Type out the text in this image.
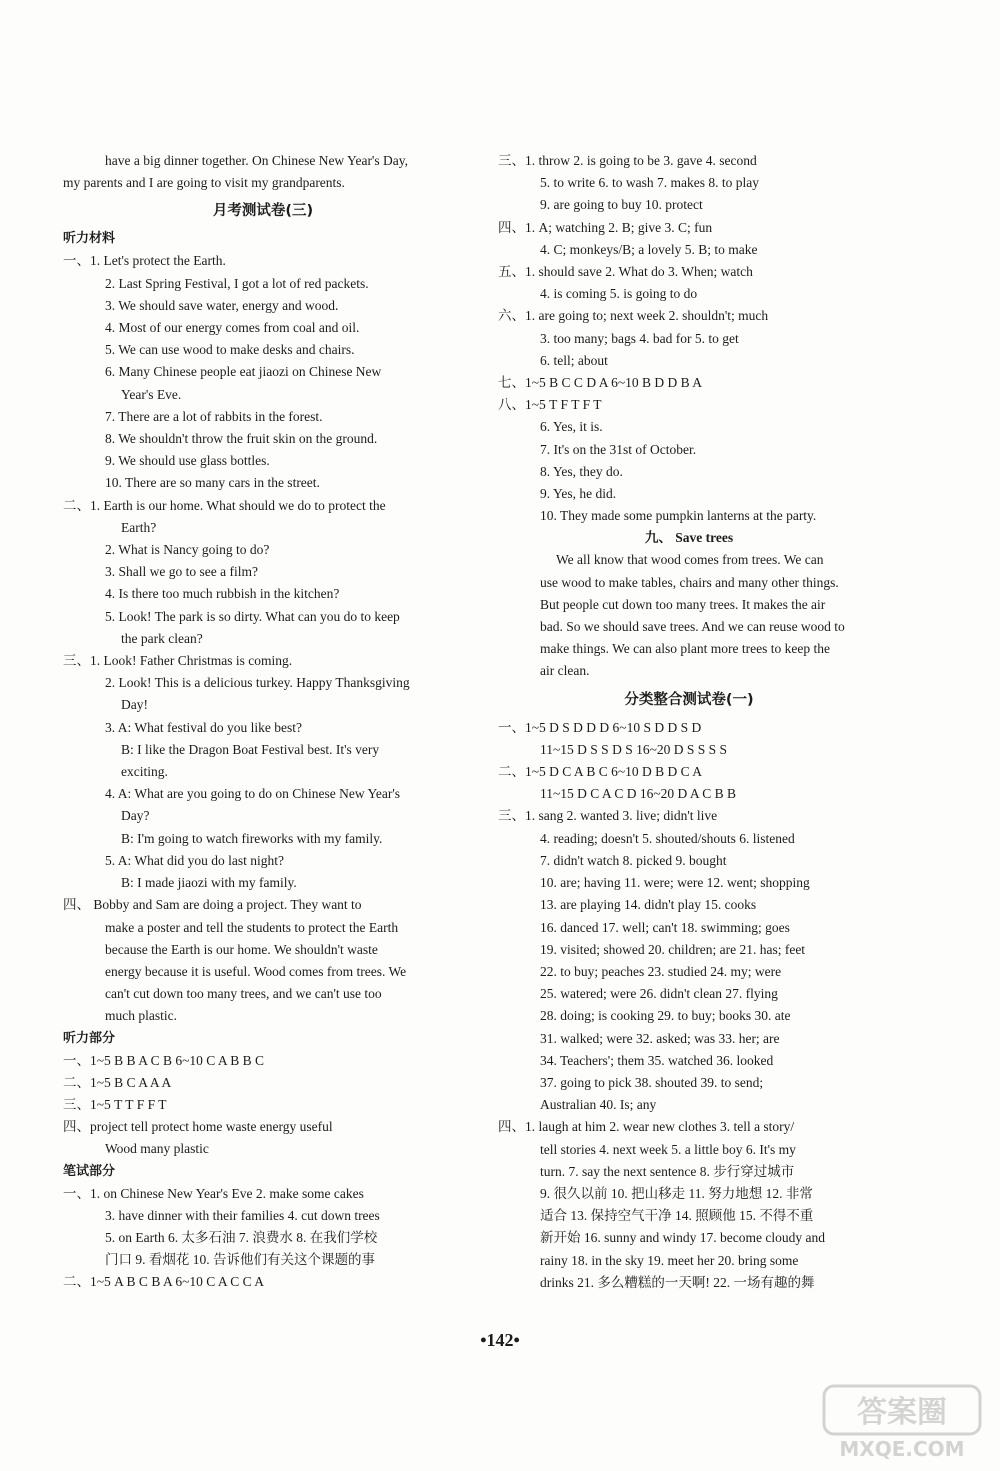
have a big dinner together. On Chinese New Year's Day,
my parents and I are going to visit my grandparents.
月考测试卷(三)
听力材料
一、1. Let's protect the Earth.
2. Last Spring Festival, I got a lot of red packets.
3. We should save water, energy and wood.
4. Most of our energy comes from coal and oil.
5. We can use wood to make desks and chairs.
6. Many Chinese people eat jiaozi on Chinese New
Year's Eve.
7. There are a lot of rabbits in the forest.
8. We shouldn't throw the fruit skin on the ground.
9. We should use glass bottles.
10. There are so many cars in the street.
二、1. Earth is our home. What should we do to protect the
Earth?
2. What is Nancy going to do?
3. Shall we go to see a film?
4. Is there too much rubbish in the kitchen?
5. Look! The park is so dirty. What can you do to keep
the park clean?
三、1. Look! Father Christmas is coming.
2. Look! This is a delicious turkey. Happy Thanksgiving
Day!
3. A: What festival do you like best?
B: I like the Dragon Boat Festival best. It's very
exciting.
4. A: What are you going to do on Chinese New Year's
Day?
B: I'm going to watch fireworks with my family.
5. A: What did you do last night?
B: I made jiaozi with my family.
四、 Bobby and Sam are doing a project. They want to
make a poster and tell the students to protect the Earth
because the Earth is our home. We shouldn't waste
energy because it is useful. Wood comes from trees. We
can't cut down too many trees, and we can't use too
much plastic.
听力部分
一、1~5 B B A C B 6~10 C A B B C
二、1~5 B C A A A
三、1~5 T T F F T
四、project tell protect home waste energy useful
Wood many plastic
笔试部分
一、1. on Chinese New Year's Eve 2. make some cakes
3. have dinner with their families 4. cut down trees
5. on Earth 6. 太多石油 7. 浪费水 8. 在我们学校
门口 9. 看烟花 10. 告诉他们有关这个课题的事
二、1~5 A B C B A 6~10 C A C C A
三、1. throw 2. is going to be 3. gave 4. second
5. to write 6. to wash 7. makes 8. to play
9. are going to buy 10. protect
四、1. A; watching 2. B; give 3. C; fun
4. C; monkeys/B; a lovely 5. B; to make
五、1. should save 2. What do 3. When; watch
4. is coming 5. is going to do
六、1. are going to; next week 2. shouldn't; much
3. too many; bags 4. bad for 5. to get
6. tell; about
七、1~5 B C C D A 6~10 B D D B A
八、1~5 T F T F T
6. Yes, it is.
7. It's on the 31st of October.
8. Yes, they do.
9. Yes, he did.
10. They made some pumpkin lanterns at the party.
九、 Save trees
We all know that wood comes from trees. We can
use wood to make tables, chairs and many other things.
But people cut down too many trees. It makes the air
bad. So we should save trees. And we can reuse wood to
make things. We can also plant more trees to keep the
air clean.
分类整合测试卷(一)
一、1~5 D S D D D 6~10 S D D S D
11~15 D S S D S 16~20 D S S S S
二、1~5 D C A B C 6~10 D B D C A
11~15 D C A C D 16~20 D A C B B
三、1. sang 2. wanted 3. live; didn't live
4. reading; doesn't 5. shouted/shouts 6. listened
7. didn't watch 8. picked 9. bought
10. are; having 11. were; were 12. went; shopping
13. are playing 14. didn't play 15. cooks
16. danced 17. well; can't 18. swimming; goes
19. visited; showed 20. children; are 21. has; feet
22. to buy; peaches 23. studied 24. my; were
25. watered; were 26. didn't clean 27. flying
28. doing; is cooking 29. to buy; books 30. ate
31. walked; were 32. asked; was 33. her; are
34. Teachers'; them 35. watched 36. looked
37. going to pick 38. shouted 39. to send;
Australian 40. Is; any
四、1. laugh at him 2. wear new clothes 3. tell a story/
tell stories 4. next week 5. a little boy 6. It's my
turn. 7. say the next sentence 8. 步行穿过城市
9. 很久以前 10. 把山移走 11. 努力地想 12. 非常
适合 13. 保持空气干净 14. 照顾他 15. 不得不重
新开始 16. sunny and windy 17. become cloudy and
rainy 18. in the sky 19. meet her 20. bring some
drinks 21. 多么糟糕的一天啊! 22. 一场有趣的舞
•142•
答案圈
MXQE.COM
